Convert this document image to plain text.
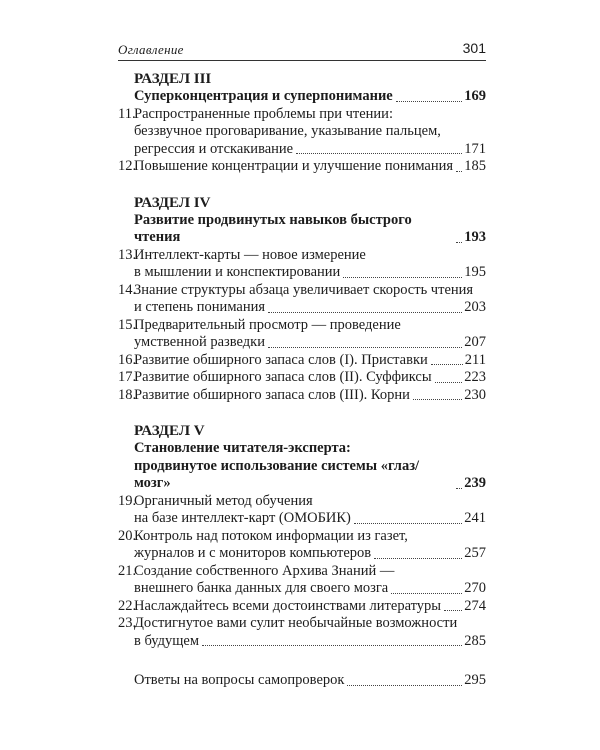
Оглавление	301
РАЗДЕЛ III
Суперконцентрация и суперпонимание	169
11.
Распространенные проблемы при чтении:
беззвучное проговаривание, указывание пальцем,
регрессия и отскакивание	171
12.
Повышение концентрации и улучшение понимания 185
РАЗДЕЛ IV
Развитие продвинутых навыков быстрого чтения	193
13.
Интеллект-карты — новое измерение
в мышлении и конспектировании	195
14.
Знание структуры абзаца увеличивает скорость чтения
и степень понимания	203
15.
Предварительный просмотр — проведение
умственной разведки	207
16.
Развитие обширного запаса слов (I). Приставки	211
17.
Развитие обширного запаса слов (II). Суффиксы 223
18.
Развитие обширного запаса слов (III). Корни	230
РАЗДЕЛ V
Становление читателя-эксперта:
продвинутое использование системы «глаз/мозг»	239
19.
Органичный метод обучения
на базе интеллект-карт (ОМОБИК)	241
20.
Контроль над потоком информации из газет,
журналов и с мониторов компьютеров	257
21.
Создание собственного Архива Знаний —
внешнего банка данных для своего мозга	270
22.
Наслаждайтесь всеми достоинствами литературы 274
23.
Достигнутое вами сулит необычайные возможности
в будущем	285
Ответы на вопросы самопроверок	295
